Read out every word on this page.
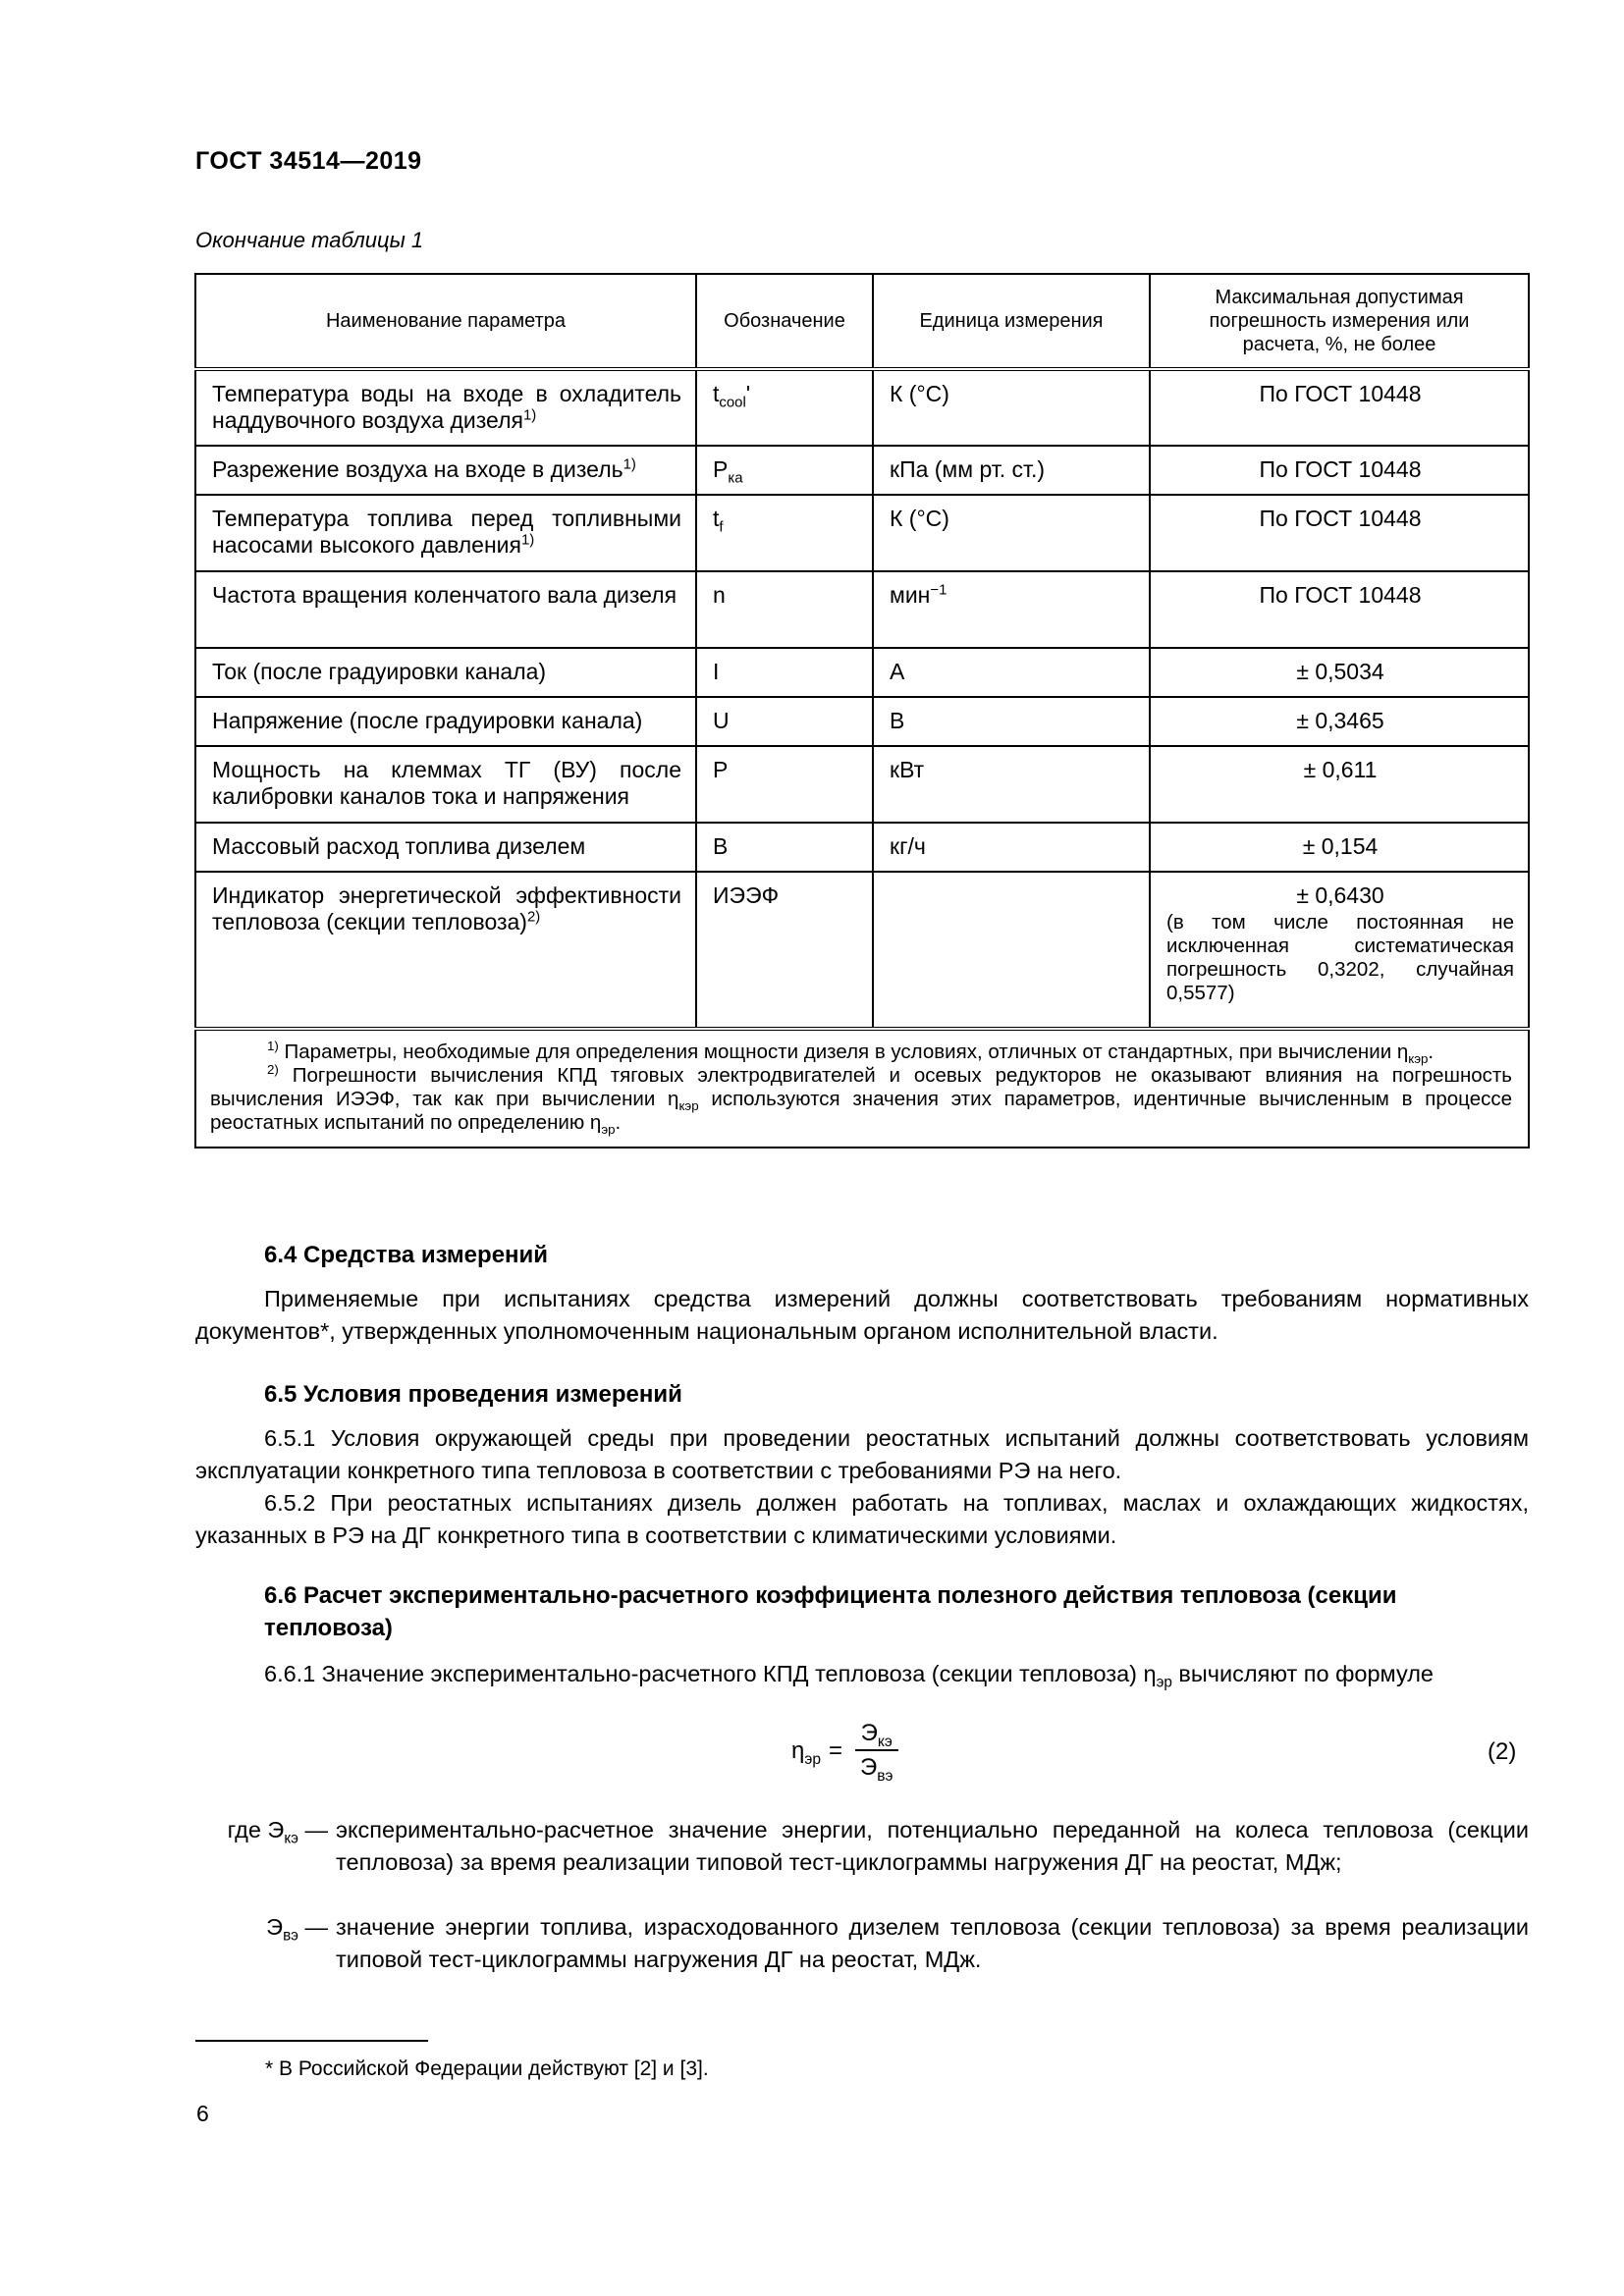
ГОСТ 34514—2019
Окончание таблицы 1
Наименование параметра	Обозначение	Единица измерения	Максимальная допустимая погрешность измерения или расчета, %, не более

Температура воды на входе в охладитель наддувочного воздуха дизеля$^{1)}$	$t_{cool}'$	К (°С)	По ГОСТ 10448

Разрежение воздуха на входе в дизель$^{1)}$	$P_{ка}$	кПа (мм рт. ст.)	По ГОСТ 10448

Температура топлива перед топливными насосами высокого давления$^{1)}$	$t_f$	К (°С)	По ГОСТ 10448

Частота вращения коленчатого вала дизеля	n	мин$^{-1}$	По ГОСТ 10448

Ток (после градуировки канала)	I	А	± 0,5034

Напряжение (после градуировки канала)	U	В	± 0,3465

Мощность на клеммах ТГ (ВУ) после калибровки каналов тока и напряжения	P	кВт	± 0,611

Массовый расход топлива дизелем	B	кг/ч	± 0,154

Индикатор энергетической эффективности тепловоза (секции тепловоза)$^{2)}$	ИЭЭФ		± 0,6430
(в том числе постоянная не исключенная систематическая погрешность 0,3202, случайная 0,5577)

$^{1)}$ Параметры, необходимые для определения мощности дизеля в условиях, отличных от стандартных, при вычислении $\eta_{кэр}$.
$^{2)}$ Погрешности вычисления КПД тяговых электродвигателей и осевых редукторов не оказывают влияния на погрешность вычисления ИЭЭФ, так как при вычислении $\eta_{кэр}$ используются значения этих параметров, идентичные вычисленным в процессе реостатных испытаний по определению $\eta_{эр}$.			
6.4 Средства измерений
Применяемые при испытаниях средства измерений должны соответствовать требованиям нормативных документов*, утвержденных уполномоченным национальным органом исполнительной власти.
6.5 Условия проведения измерений
6.5.1 Условия окружающей среды при проведении реостатных испытаний должны соответствовать условиям эксплуатации конкретного типа тепловоза в соответствии с требованиями РЭ на него.
6.5.2 При реостатных испытаниях дизель должен работать на топливах, маслах и охлаждающих жидкостях, указанных в РЭ на ДГ конкретного типа в соответствии с климатическими условиями.
6.6 Расчет экспериментально-расчетного коэффициента полезного действия тепловоза (секции тепловоза)
6.6.1 Значение экспериментально-расчетного КПД тепловоза (секции тепловоза) $\eta_{эр}$ вычисляют по формуле
$\eta_{эр} = \frac{Э_{кэ}}{Э_{вэ}}$	(2)
где $Э_{кэ}$ — экспериментально-расчетное значение энергии, потенциально переданной на колеса тепловоза (секции тепловоза) за время реализации типовой тест-циклограммы нагружения ДГ на реостат, МДж;
$Э_{вэ}$ — значение энергии топлива, израсходованного дизелем тепловоза (секции тепловоза) за время реализации типовой тест-циклограммы нагружения ДГ на реостат, МДж.
* В Российской Федерации действуют [2] и [3].
6
